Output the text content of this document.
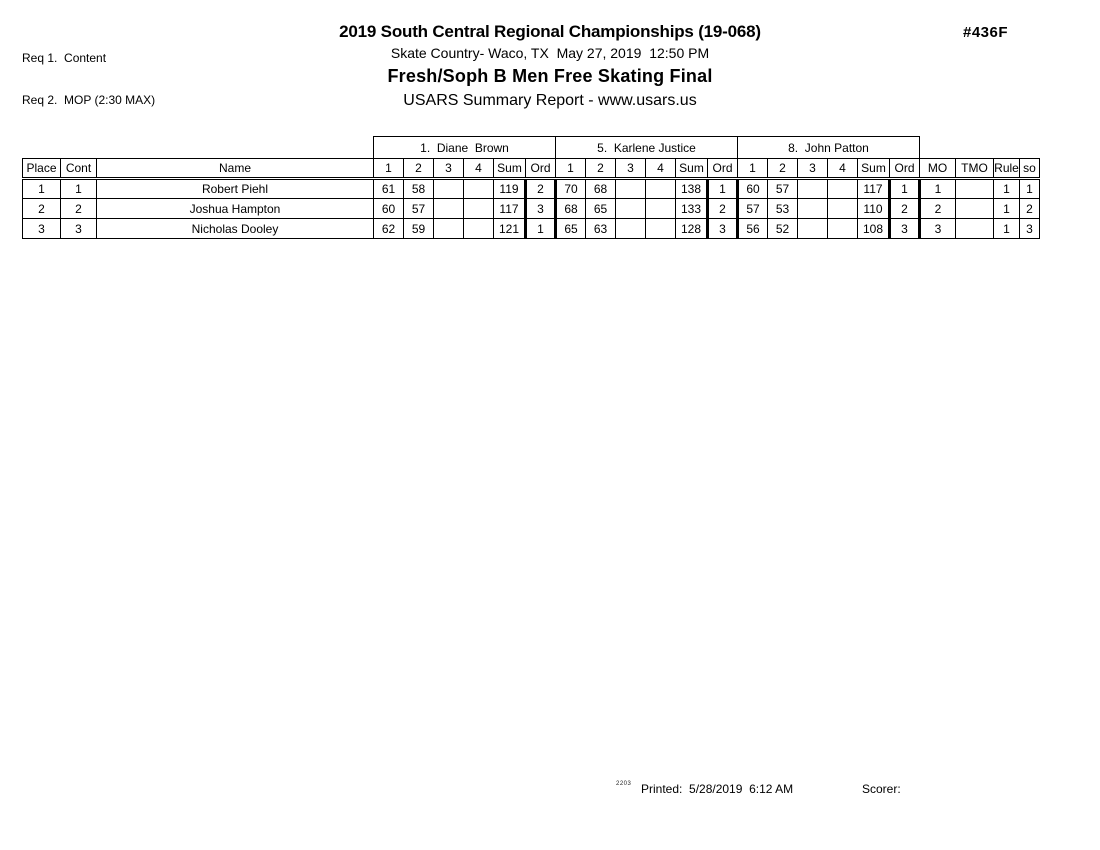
Req 1.  Content

Req 2.  MOP (2:30 MAX)

#436F
2019 South Central Regional Championships (19-068)
Skate Country- Waco, TX  May 27, 2019  12:50 PM
Fresh/Soph B Men Free Skating Final
USARS Summary Report - www.usars.us
			1.  Diane  Brown						5.  Karlene Justice						8.  John Patton									
Place	Cont	Name	1	2	3	4	Sum	Ord	1	2	3	4	Sum	Ord	1	2	3	4	Sum	Ord	MO	TMO	Rule	so
1	1	Robert Piehl	61	58			119	2	70	68			138	1	60	57			117	1	1		1	1
2	2	Joshua Hampton	60	57			117	3	68	65			133	2	57	53			110	2	2		1	2
3	3	Nicholas Dooley	62	59			121	1	65	63			128	3	56	52			108	3	3		1	3
2203 Printed:  5/28/2019  6:12 AM	Scorer:
